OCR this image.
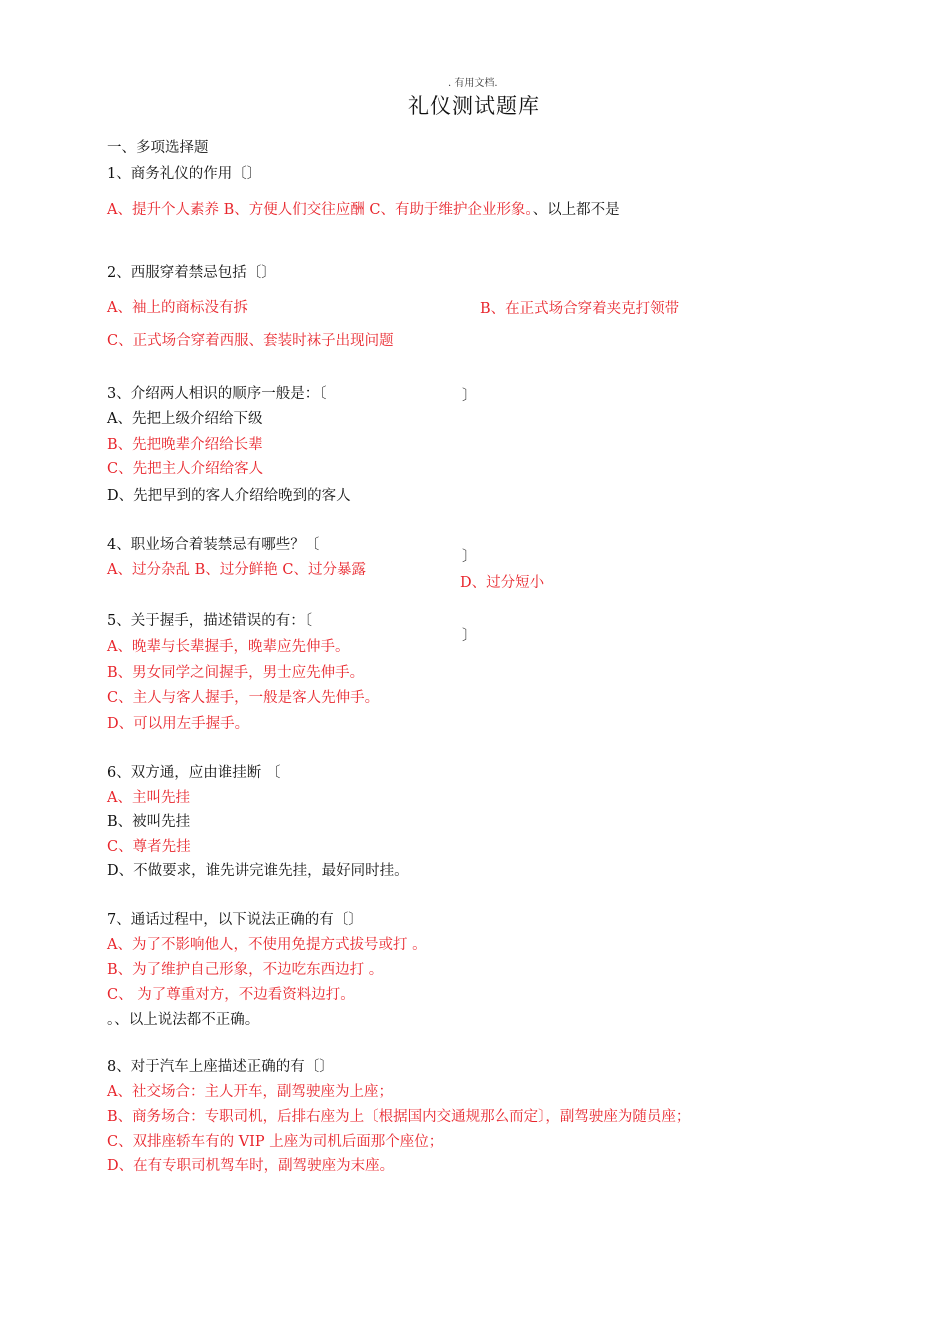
. 有用文档.
礼仪测试题库
一、多项选择题
1、商务礼仪的作用〔〕
A、提升个人素养 B、方便人们交往应酬 C、有助于维护企业形象。、以上都不是
2、西服穿着禁忌包括〔〕
A、袖上的商标没有拆	B、在正式场合穿着夹克打领带
C、正式场合穿着西服、套装时袜子出现问题
3、介绍两人相识的顺序一般是：〔	〕
A、先把上级介绍给下级
B、先把晚辈介绍给长辈
C、先把主人介绍给客人
D、先把早到的客人介绍给晚到的客人
4、职业场合着装禁忌有哪些？〔
〕
A、过分杂乱 B、过分鲜艳 C、过分暴露
D、过分短小
5、关于握手，描述错误的有：〔
〕
A、晚辈与长辈握手，晚辈应先伸手。
B、男女同学之间握手，男士应先伸手。
C、主人与客人握手，一般是客人先伸手。
D、可以用左手握手。
6、双方通，应由谁挂断 〔
A、主叫先挂
B、被叫先挂
C、尊者先挂
D、不做要求，谁先讲完谁先挂，最好同时挂。
7、通话过程中，以下说法正确的有〔〕
A、为了不影响他人，不使用免提方式拔号或打 。
B、为了维护自己形象，不边吃东西边打 。
C、 为了尊重对方，不边看资料边打。
。、以上说法都不正确。
8、对于汽车上座描述正确的有〔〕
A、社交场合：主人开车，副驾驶座为上座；
B、商务场合：专职司机，后排右座为上〔根据国内交通规那么而定〕，副驾驶座为随员座；
C、双排座轿车有的 VIP 上座为司机后面那个座位；
D、在有专职司机驾车时，副驾驶座为末座。
